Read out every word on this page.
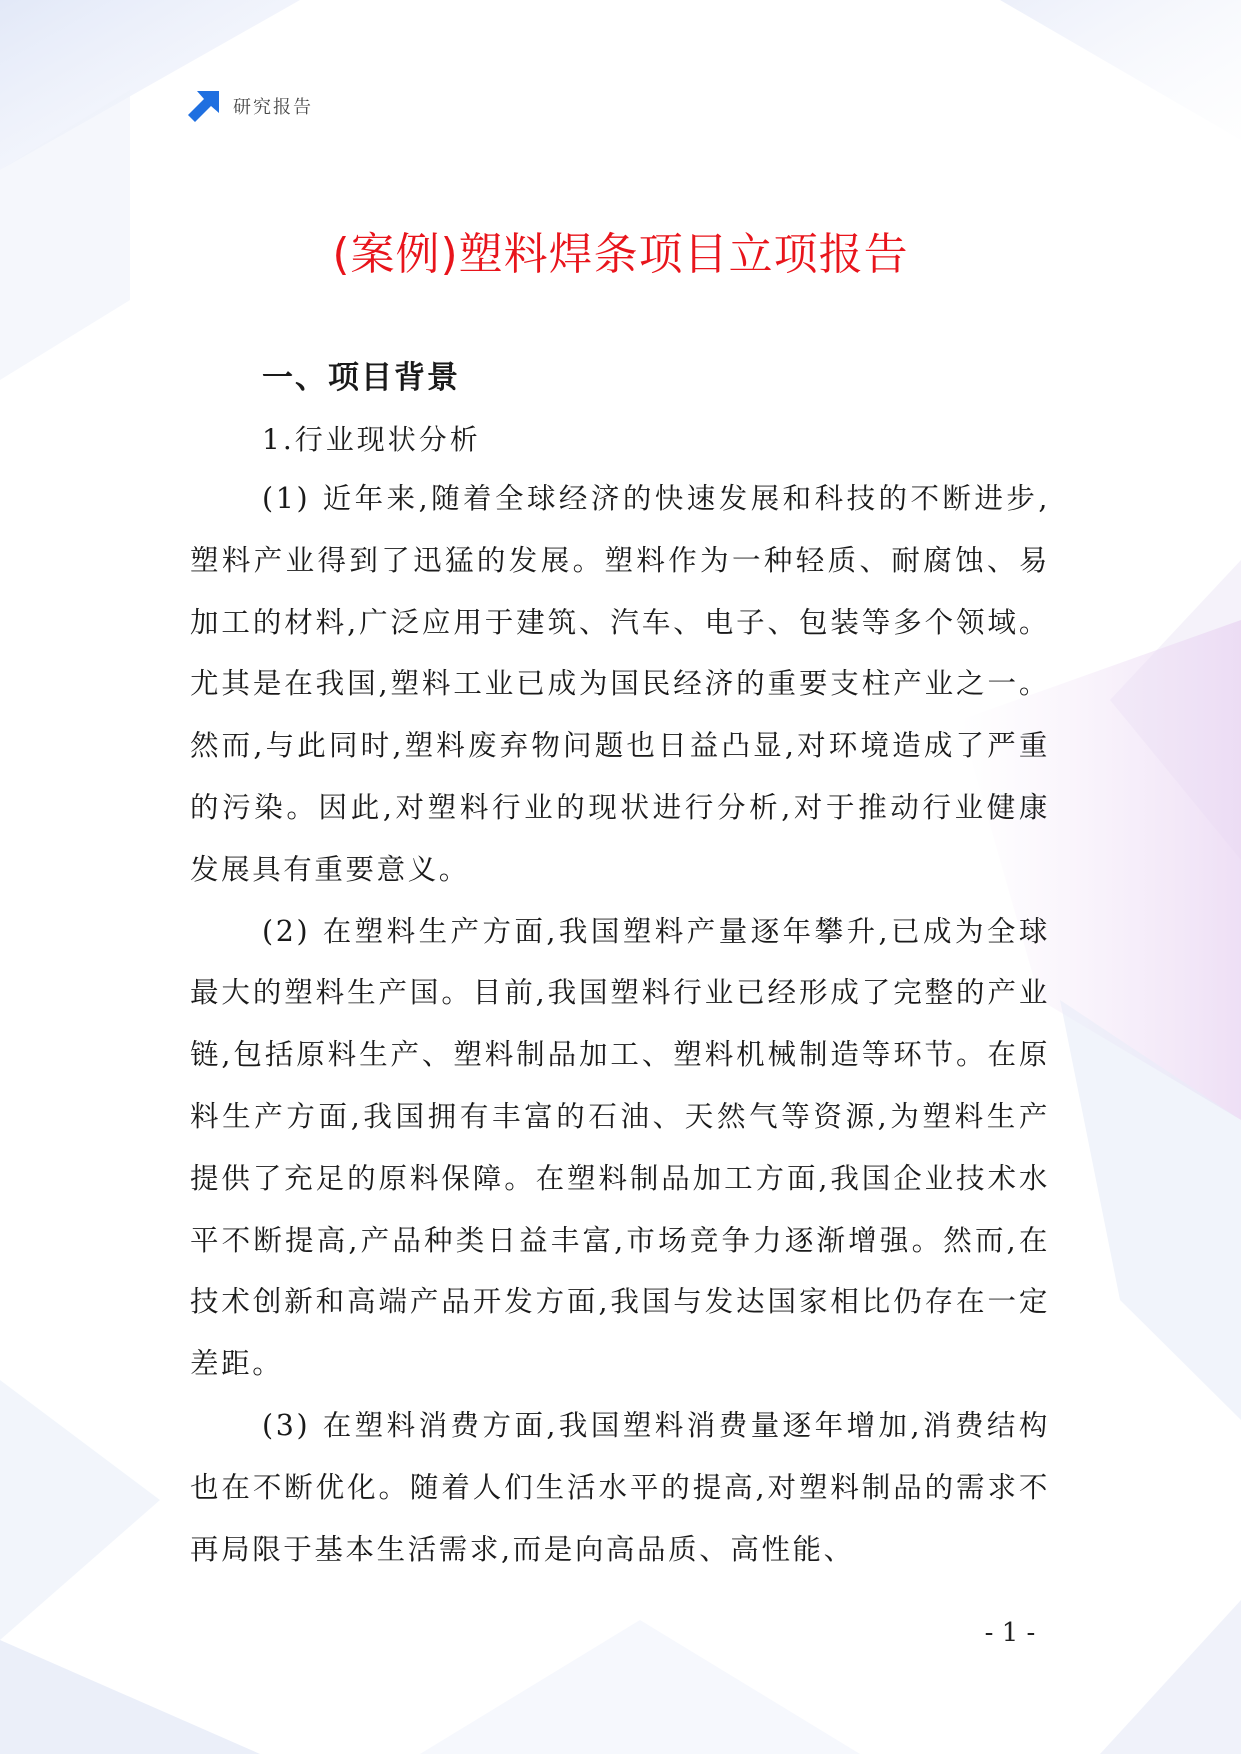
研究报告
(案例)塑料焊条项目立项报告
一、项目背景
1.行业现状分析

(1) 近年来,随着全球经济的快速发展和科技的不断进步,塑料产业得到了迅猛的发展。塑料作为一种轻质、耐腐蚀、易加工的材料,广泛应用于建筑、汽车、电子、包装等多个领域。尤其是在我国,塑料工业已成为国民经济的重要支柱产业之一。然而,与此同时,塑料废弃物问题也日益凸显,对环境造成了严重的污染。因此,对塑料行业的现状进行分析,对于推动行业健康发展具有重要意义。

(2) 在塑料生产方面,我国塑料产量逐年攀升,已成为全球最大的塑料生产国。目前,我国塑料行业已经形成了完整的产业链,包括原料生产、塑料制品加工、塑料机械制造等环节。在原料生产方面,我国拥有丰富的石油、天然气等资源,为塑料生产提供了充足的原料保障。在塑料制品加工方面,我国企业技术水平不断提高,产品种类日益丰富,市场竞争力逐渐增强。然而,在技术创新和高端产品开发方面,我国与发达国家相比仍存在一定差距。

(3) 在塑料消费方面,我国塑料消费量逐年增加,消费结构也在不断优化。随着人们生活水平的提高,对塑料制品的需求不再局限于基本生活需求,而是向高品质、高性能、

- 1 -
